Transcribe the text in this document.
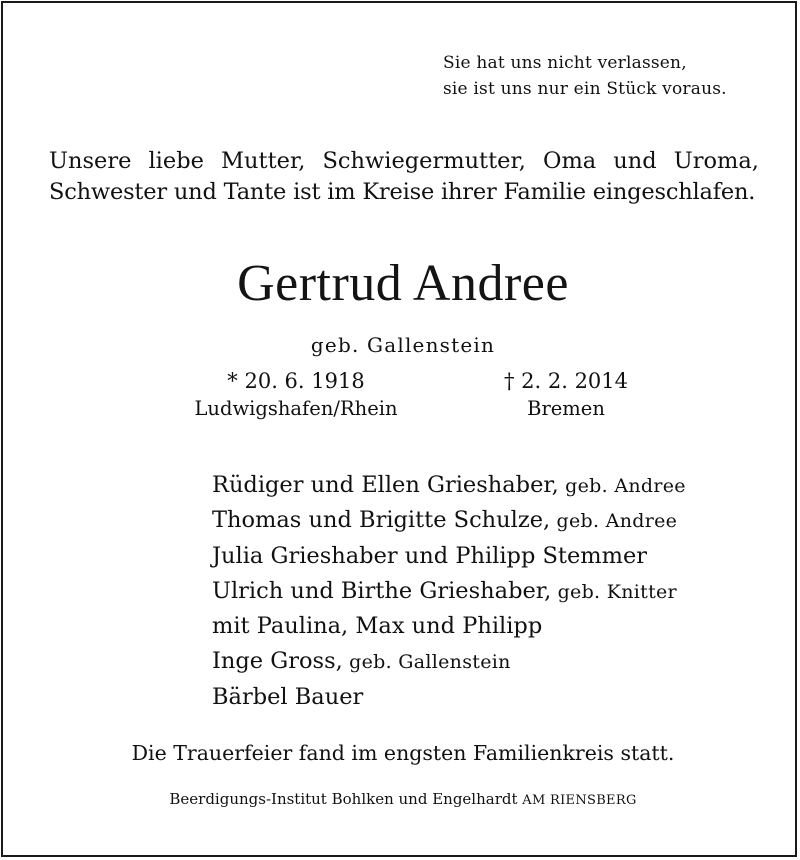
Sie hat uns nicht verlassen,
sie ist uns nur ein Stück voraus.
Unsere liebe Mutter, Schwiegermutter, Oma und Uroma,
Schwester und Tante ist im Kreise ihrer Familie eingeschlafen.
Gertrud Andree
geb. Gallenstein
* 20. 6. 1918
Ludwigshafen/Rhein
† 2. 2. 2014
Bremen
Rüdiger und Ellen Grieshaber, geb. Andree
Thomas und Brigitte Schulze, geb. Andree
Julia Grieshaber und Philipp Stemmer
Ulrich und Birthe Grieshaber, geb. Knitter
mit Paulina, Max und Philipp
Inge Gross, geb. Gallenstein
Bärbel Bauer
Die Trauerfeier fand im engsten Familienkreis statt.
Beerdigungs-Institut Bohlken und Engelhardt AM RIENSBERG
